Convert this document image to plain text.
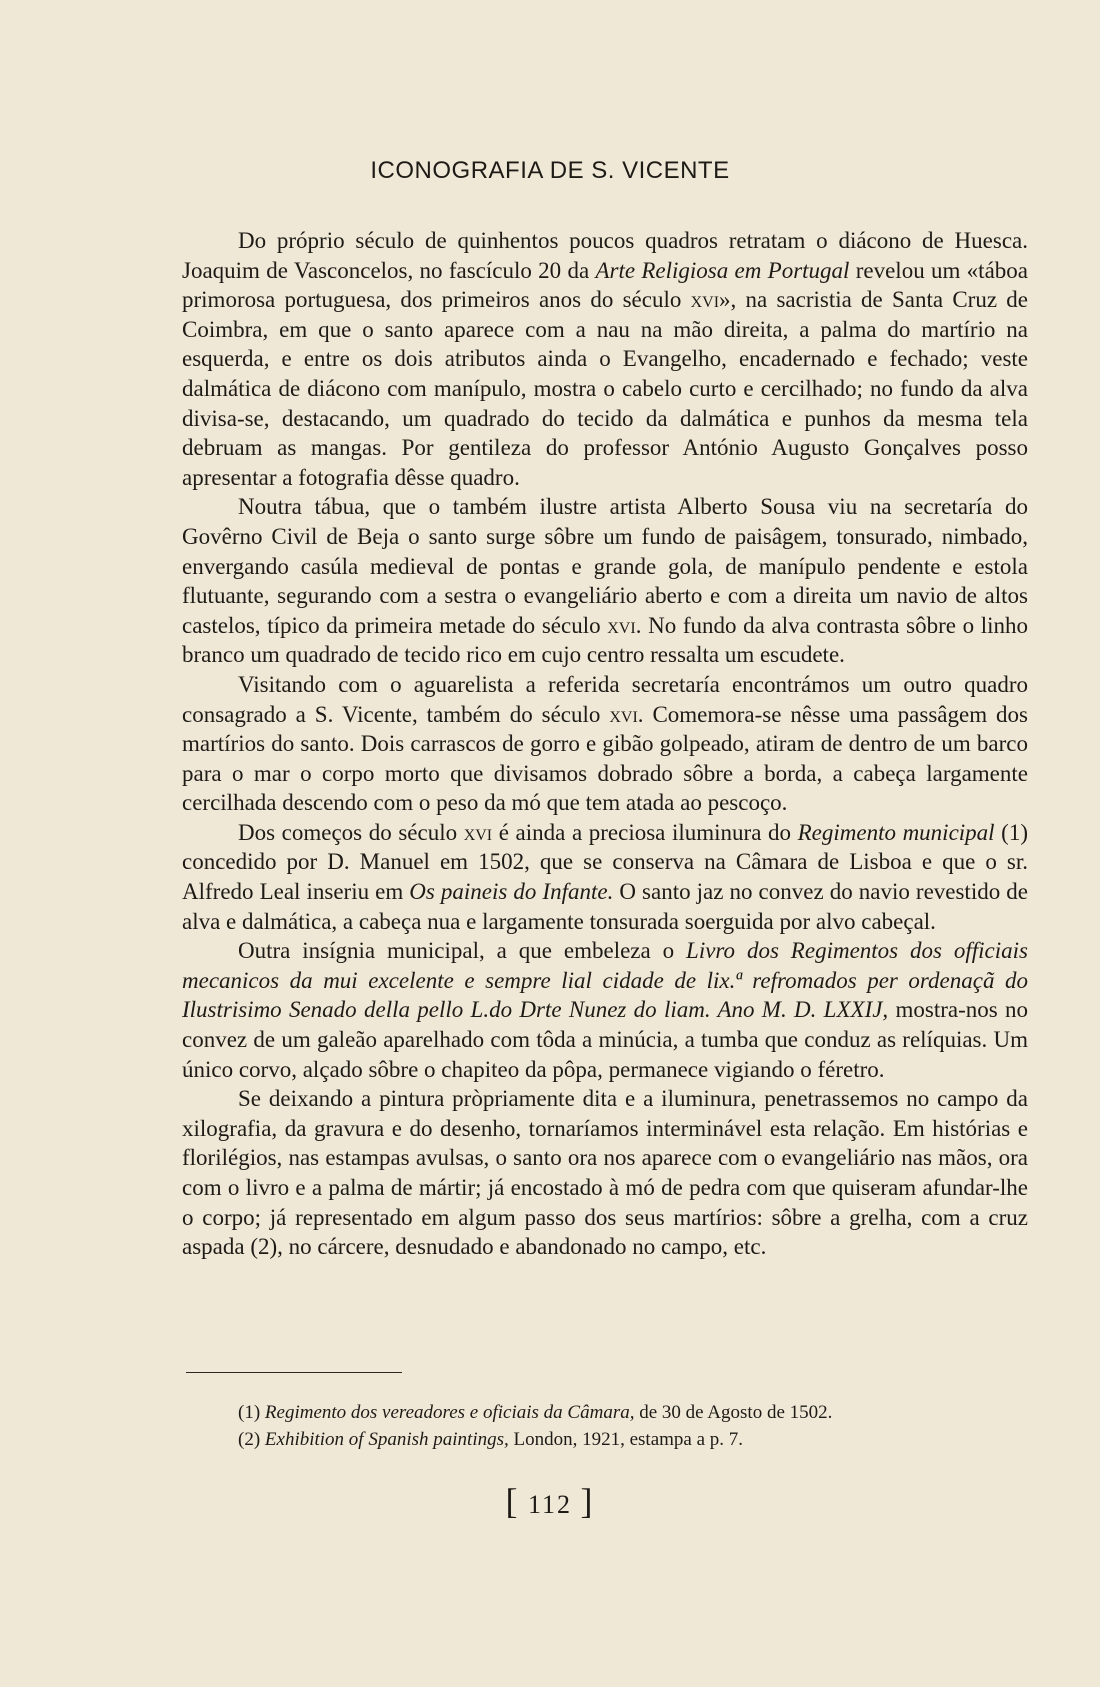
ICONOGRAFIA DE S. VICENTE

Do próprio século de quinhentos poucos quadros retratam o diácono de Huesca. Joaquim de Vasconcelos, no fascículo 20 da Arte Religiosa em Portugal revelou um «táboa primorosa portuguesa, dos primeiros anos do século xvi», na sacristia de Santa Cruz de Coimbra, em que o santo aparece com a nau na mão direita, a palma do martírio na esquerda, e entre os dois atributos ainda o Evangelho, encadernado e fechado; veste dalmática de diácono com manípulo, mostra o cabelo curto e cercilhado; no fundo da alva divisa-se, destacando, um quadrado do tecido da dalmática e punhos da mesma tela debruam as mangas. Por gentileza do professor António Augusto Gonçalves posso apresentar a fotografia dêsse quadro.

Noutra tábua, que o também ilustre artista Alberto Sousa viu na secretaría do Govêrno Civil de Beja o santo surge sôbre um fundo de paisâgem, tonsurado, nimbado, envergando casúla medieval de pontas e grande gola, de manípulo pendente e estola flutuante, segurando com a sestra o evangeliário aberto e com a direita um navio de altos castelos, típico da primeira metade do século xvi. No fundo da alva contrasta sôbre o linho branco um quadrado de tecido rico em cujo centro ressalta um escudete.

Visitando com o aguarelista a referida secretaría encontrámos um outro quadro consagrado a S. Vicente, também do século xvi. Comemora-se nêsse uma passâgem dos martírios do santo. Dois carrascos de gorro e gibão golpeado, atiram de dentro de um barco para o mar o corpo morto que divisamos dobrado sôbre a borda, a cabeça largamente cercilhada descendo com o peso da mó que tem atada ao pescoço.

Dos começos do século xvi é ainda a preciosa iluminura do Regimento municipal (1) concedido por D. Manuel em 1502, que se conserva na Câmara de Lisboa e que o sr. Alfredo Leal inseriu em Os paineis do Infante. O santo jaz no convez do navio revestido de alva e dalmática, a cabeça nua e largamente tonsurada soerguida por alvo cabeçal.

Outra insígnia municipal, a que embeleza o Livro dos Regimentos dos officiais mecanicos da mui excelente e sempre lial cidade de lix.ª refromados per ordenaçã do Ilustrisimo Senado della pello L.do Drte Nunez do liam. Ano M. D. LXXIJ, mostra-nos no convez de um galeão aparelhado com tôda a minúcia, a tumba que conduz as relíquias. Um único corvo, alçado sôbre o chapiteo da pôpa, permanece vigiando o féretro.

Se deixando a pintura pròpriamente dita e a iluminura, penetrassemos no campo da xilografia, da gravura e do desenho, tornaríamos interminável esta relação. Em histórias e florilégios, nas estampas avulsas, o santo ora nos aparece com o evangeliário nas mãos, ora com o livro e a palma de mártir; já encostado à mó de pedra com que quiseram afundar-lhe o corpo; já representado em algum passo dos seus martírios: sôbre a grelha, com a cruz aspada (2), no cárcere, desnudado e abandonado no campo, etc.

(1) Regimento dos vereadores e oficiais da Câmara, de 30 de Agosto de 1502.
(2) Exhibition of Spanish paintings, London, 1921, estampa a p. 7.
[ 112 ]
